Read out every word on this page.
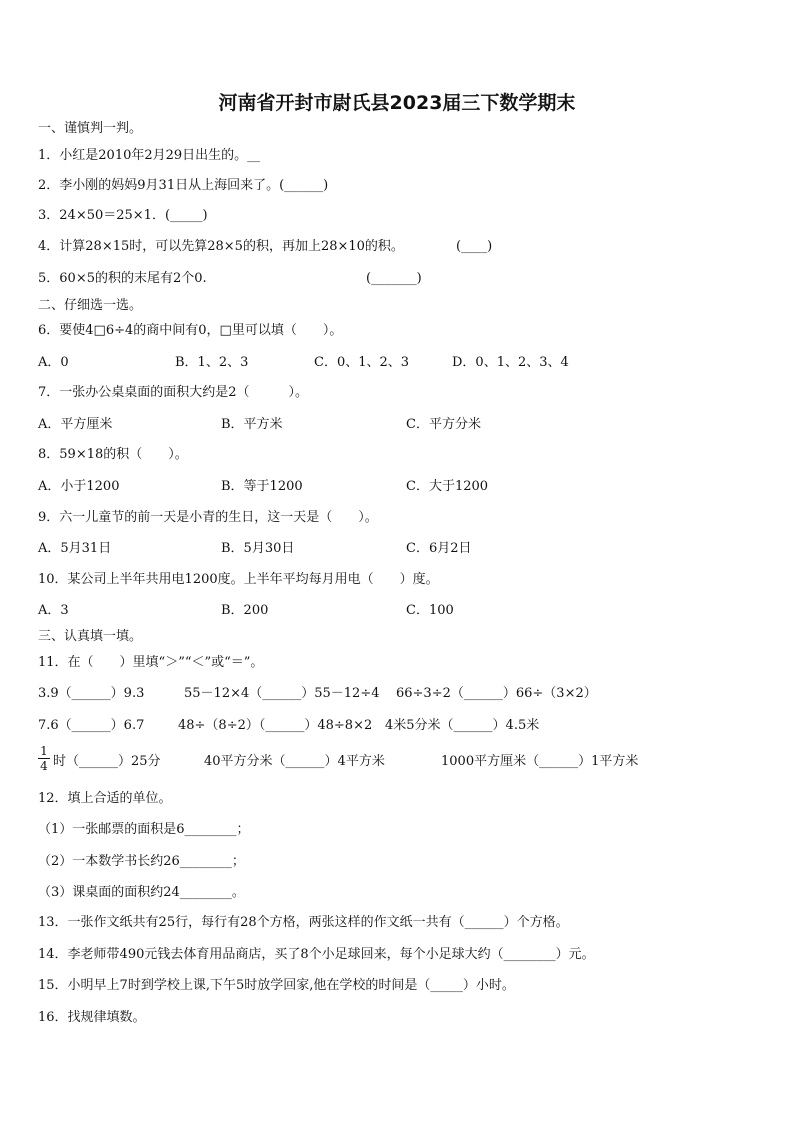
河南省开封市尉氏县2023届三下数学期末
一、谨慎判一判。
1．小红是2010年2月29日出生的。__
2．李小刚的妈妈9月31日从上海回来了。(______)
3．24×50＝25×1．(_____)
4．计算28×15时，可以先算28×5的积，再加上28×10的积。	(____)
5．60×5的积的末尾有2个0.	(_______)
二、仔细选一选。
6．要使4□6÷4的商中间有0，□里可以填（　　）。
A．0	B．1、2、3	C．0、1、2、3	D．0、1、2、3、4
7．一张办公桌桌面的面积大约是2（　　　）。
A．平方厘米	B．平方米	C．平方分米
8．59×18的积（　　）。
A．小于1200	B．等于1200	C．大于1200
9．六一儿童节的前一天是小青的生日，这一天是（　　）。
A．5月31日	B．5月30日	C．6月2日
10．某公司上半年共用电1200度。上半年平均每月用电（　　）度。
A．3	B．200	C．100
三、认真填一填。
11．在（　　）里填“＞”“＜”或“＝”。
3.9（______）9.3	55－12×4（______）55－12÷4 66÷3÷2（______）66÷（3×2）
7.6（______）6.7	48÷（8÷2）（______）48÷8×2 4米5分米（______）4.5米
$\frac{1}{4}$ 时（______）25分	40平方分米（______）4平方米	1000平方厘米（______）1平方米
12．填上合适的单位。
（1）一张邮票的面积是6________；
（2）一本数学书长约26________；
（3）课桌面的面积约24________。
13．一张作文纸共有25行，每行有28个方格，两张这样的作文纸一共有（______）个方格。
14．李老师带490元钱去体育用品商店，买了8个小足球回来，每个小足球大约（________）元。
15．小明早上7时到学校上课,下午5时放学回家,他在学校的时间是（_____）小时。
16．找规律填数。
